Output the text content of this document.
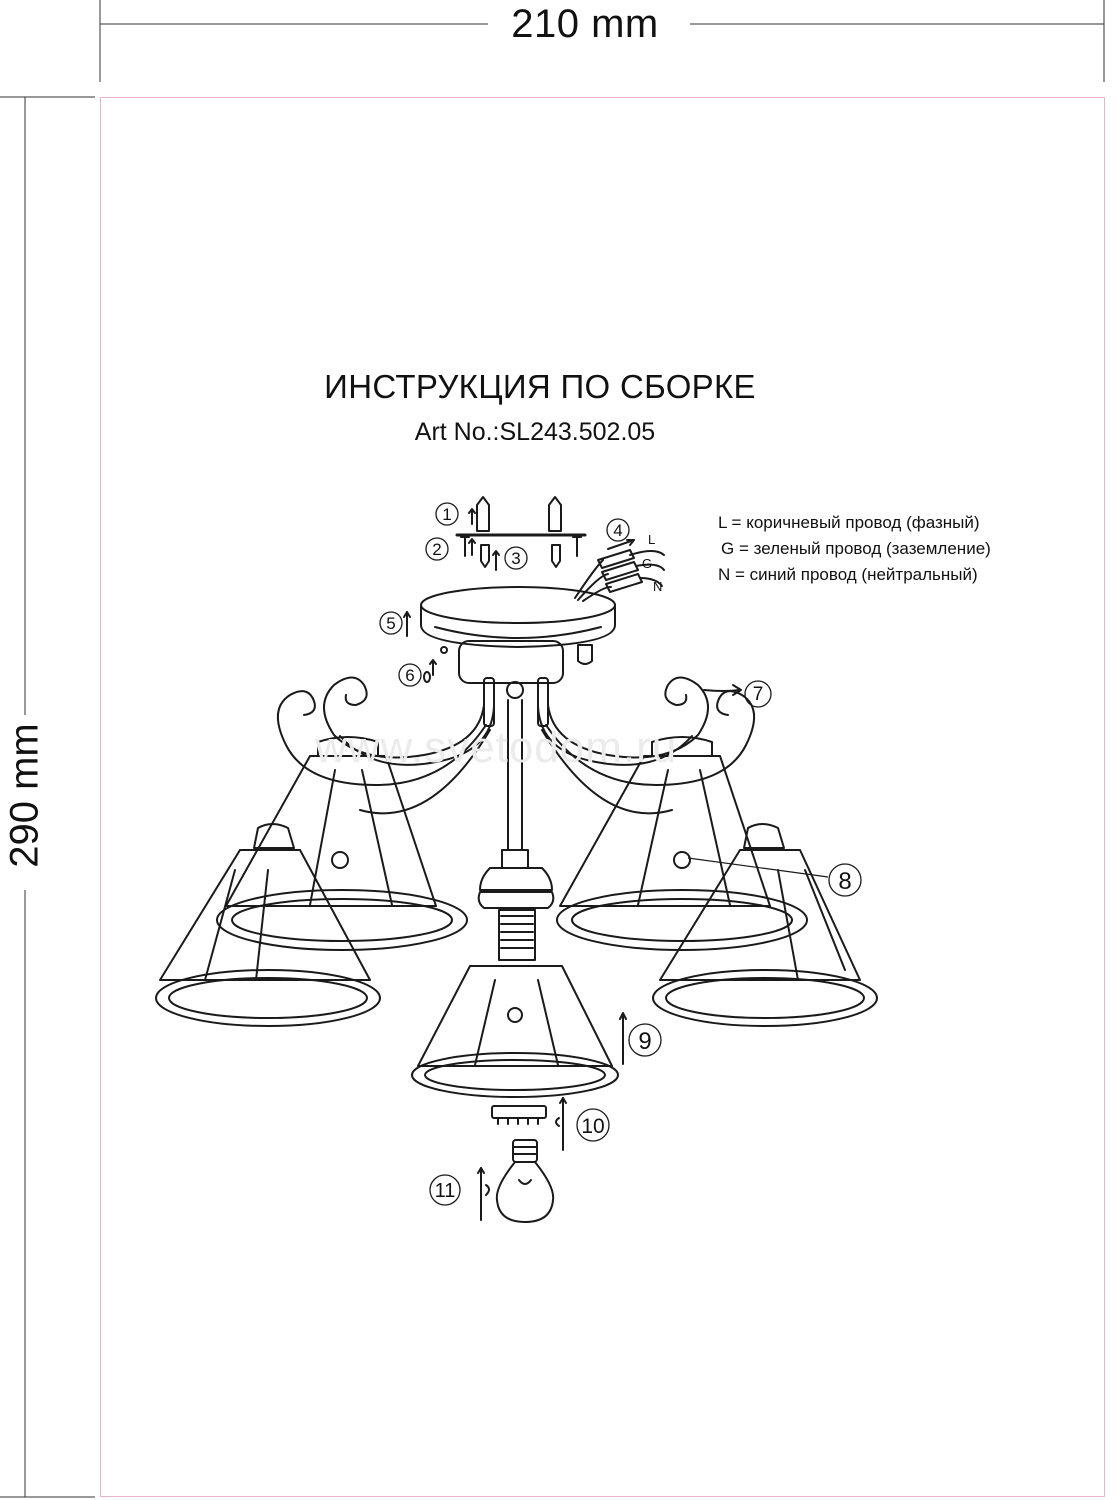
1
2	3
4
5
6
7
8
9
10
11
L
G
N
210 mm
290 mm
ИНСТРУКЦИЯ ПО СБОРКЕ
Art No.:SL243.502.05
L = коричневый провод (фазный)
G = зеленый провод (заземление)
N = синий провод (нейтральный)
www.svetodom.ru
